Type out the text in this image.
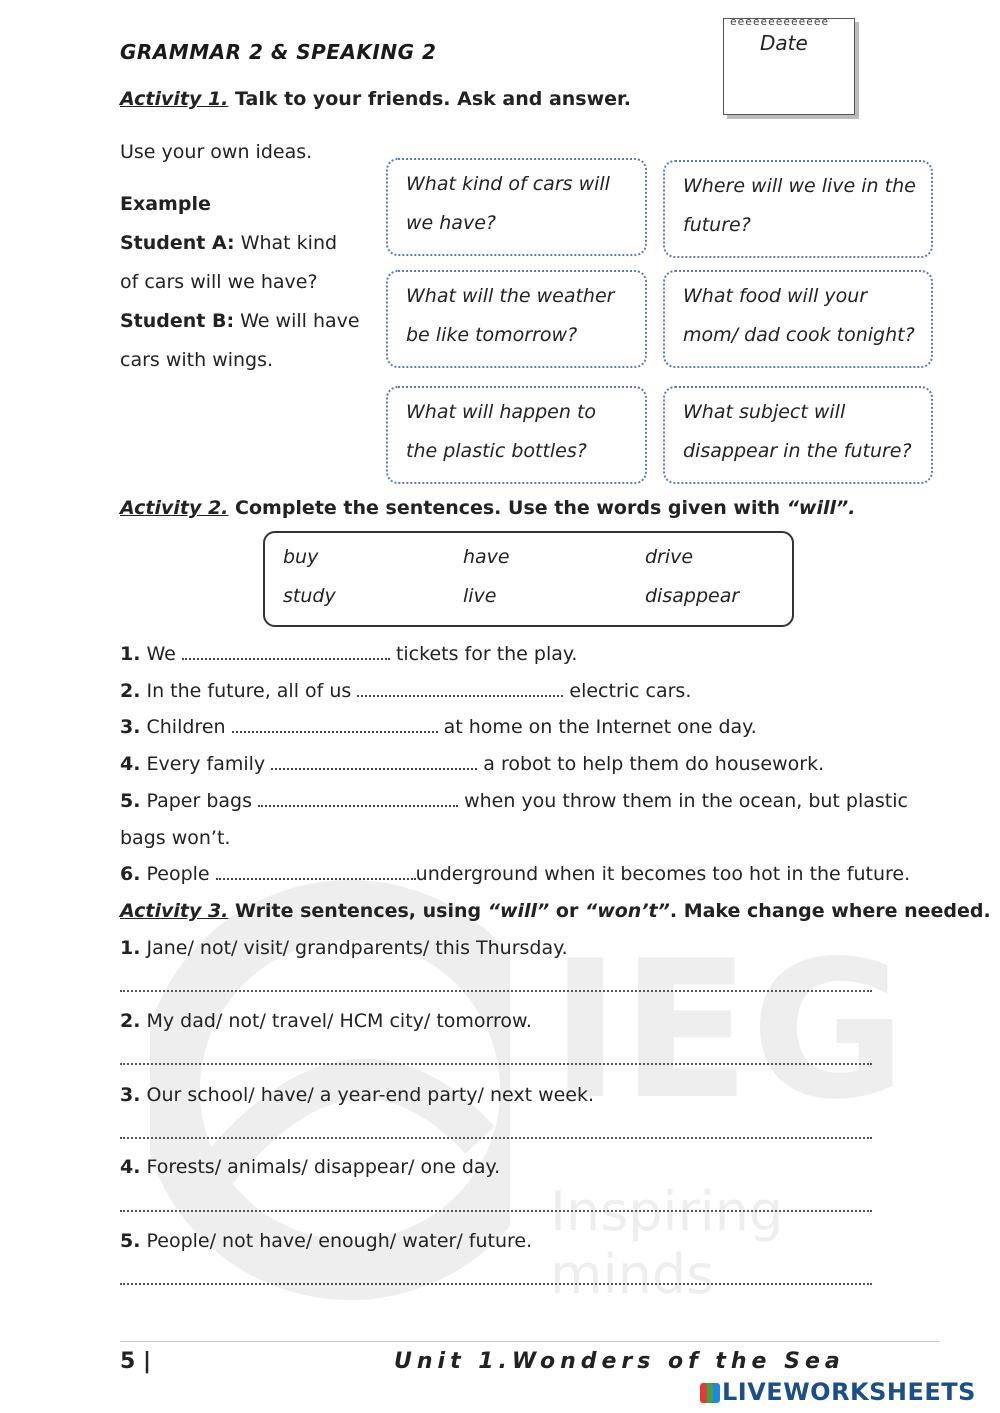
IEG
Inspiring minds
GRAMMAR 2 & SPEAKING 2
eeeeeeeeeeeee
Date
Activity 1. Talk to your friends. Ask and answer.
Use your own ideas.
Example
Student A: What kind of cars will we have?
Student B: We will have cars with wings.
What kind of cars will we have?
Where will we live in the future?
What will the weather be like tomorrow?
What food will your mom/ dad cook tonight?
What will happen to the plastic bottles?
What subject will disappear in the future?
Activity 2. Complete the sentences. Use the words given with “will”.
buy	have	drive
study	live	disappear
1. We	tickets for the play.
2. In the future, all of us	electric cars.
3. Children	at home on the Internet one day.
4. Every family	a robot to help them do housework.
5. Paper bags	when you throw them in the ocean, but plastic
bags won’t.
6. People	underground when it becomes too hot in the future.
Activity 3. Write sentences, using “will” or “won’t”. Make change where needed.
1. Jane/ not/ visit/ grandparents/ this Thursday.
2. My dad/ not/ travel/ HCM city/ tomorrow.
3. Our school/ have/ a year-end party/ next week.
4. Forests/ animals/ disappear/ one day.
5. People/ not have/ enough/ water/ future.
5 |	Unit 1.Wonders of the Sea
LIVEWORKSHEETS
